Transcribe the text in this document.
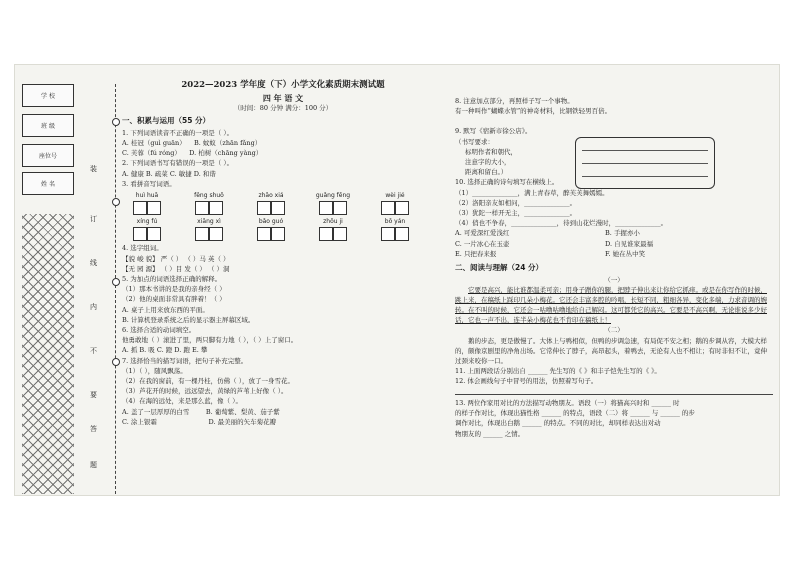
学 校
班 级
座位号
姓 名
装
订
线
内
不
要
答
题
2022—2023 学年度（下）小学文化素质期末测试题
四 年 语 文
（时间：80 分钟 满分：100 分）
一、积累与运用（55 分）
1. 下列词语读音不正确的一项是（ ）。
A. 桂冠（guì guān） B. 蚊蚁（zhān fǎng）
C. 芙蓉（fú róng） D. 柏树（chāng yàng）
2. 下列词语书写有错误的一项是（ ）。
A. 健康 B. 疏菜 C. 敏捷 D. 和谐
3. 看拼音写词语。
huì huā	fěng shuō	zhāo xiá	guǎng fēng	wèi jié
xíng fú	xiāng xì	bǎo guó	zhōu ji	bō yán
4. 选字组词。
【貌 峻 貌】 严（ ） （ ）马 英（ ）
【无 园 源】 （ ）目 发（ ） （ ）洞
5. 为加点的词语选择正确的解释。
（1）那本书讲的是我的亲身经（ ）
（2）他的桌面非常具有胖着！（ ）
A. 桌子上用来放东西的平面。
B. 计算机登录系统之后的显示器主屏幕区域。
6. 选择合适的动词填空。
他勇敢地（ ）滚进了里，两只脚有力地（ ），（ ）上了窗口。
A. 抓 B. 吸 C. 蹬 D. 跑 E. 攀
7. 选择恰当的描写词语，把句子补充完整。
（1）（ ），随风飘荡。
（2）在我的窗前，有一棵丹桂，仿佛（ ），放了一身雪花。
（3）芦花开的时候，远远望去，黄绿的芦苇上好像（ ）。
（4）在海的远处，来是那么蓝，像（ ）。
A. 盖了一层厚厚的白雪	B. 葡萄紫、梨黄、茄子紫
C. 涂上银霜	D. 最美丽的矢车菊花瓣
8. 注意加点部分，再照样子写一个事物。
有一种叫作“蝴蝶水管”的神奇材料，比钢铁轻男百倍。
9. 默写《宿新市徐公店》。
（书写要求：
标明作者和朝代，
注意字的大小，
距离和留白。）
10. 选择正确的诗句填写在横线上。
（1）______________，满上青春草，醉芙芙舞嫣嫣。
（2）洛阳亲友如相问，______________。
（3）犹陀一样开无主，______________。
（4）俏也不争春，______________，待到山花烂漫时，______________。
A. 可爱深红爱浅红	B. 手握亦小
C. 一片冰心在玉壶	D. 自见谁家最福
E. 只把春来报	F. 她在丛中笑
二、阅读与理解（24 分）
（一）
它要是高兴，能比谁都温柔可亲；用身子蹭你的腿，把脖子伸出来让你给它抓痒。或是在你写作的时候，跳上来，在稿纸上踩印几朵小梅花。它还会丰富多腔的吟唱，长短不同，粗细各异，变化多端，力求音调的婉转。在不叫的时候，它还会一咕噜咕噜地给自己解闷。这可都凭它的高兴。它要是不高兴啊，无论谁说多少好话，它也一声不出，连半朵小梅花也不肯印在稿纸上！
（二）
鹅的步态，更是傲慢了。大体上与鸭相似，但鸭的步调急速，有局促不安之相；鹅的步调从容，大模大样的，颇像京剧里的净角出场。它常伸长了脖子，高昂起头，着鸭去，无论有人也不相让；有时非但不让，竟伸过颈来咬你一口。
11. 上面两段话分别出自 ______ 先生写的《 》和丰子恺先生写的《 》。
12. 体会画线句子中冒号的用法，仿照着写句子。
13. 两位作家用对比的方法描写动物朋友。语段（一）将猫高兴时和 ______ 时
的样子作对比，体现出猫性格 ______ 的特点，语段（二）将 ______ 与 ______ 的步
调作对比，体现出白鹅 ______ 的特点。不同的对比，却同样表达出对动
物朋友的 ______ 之情。
